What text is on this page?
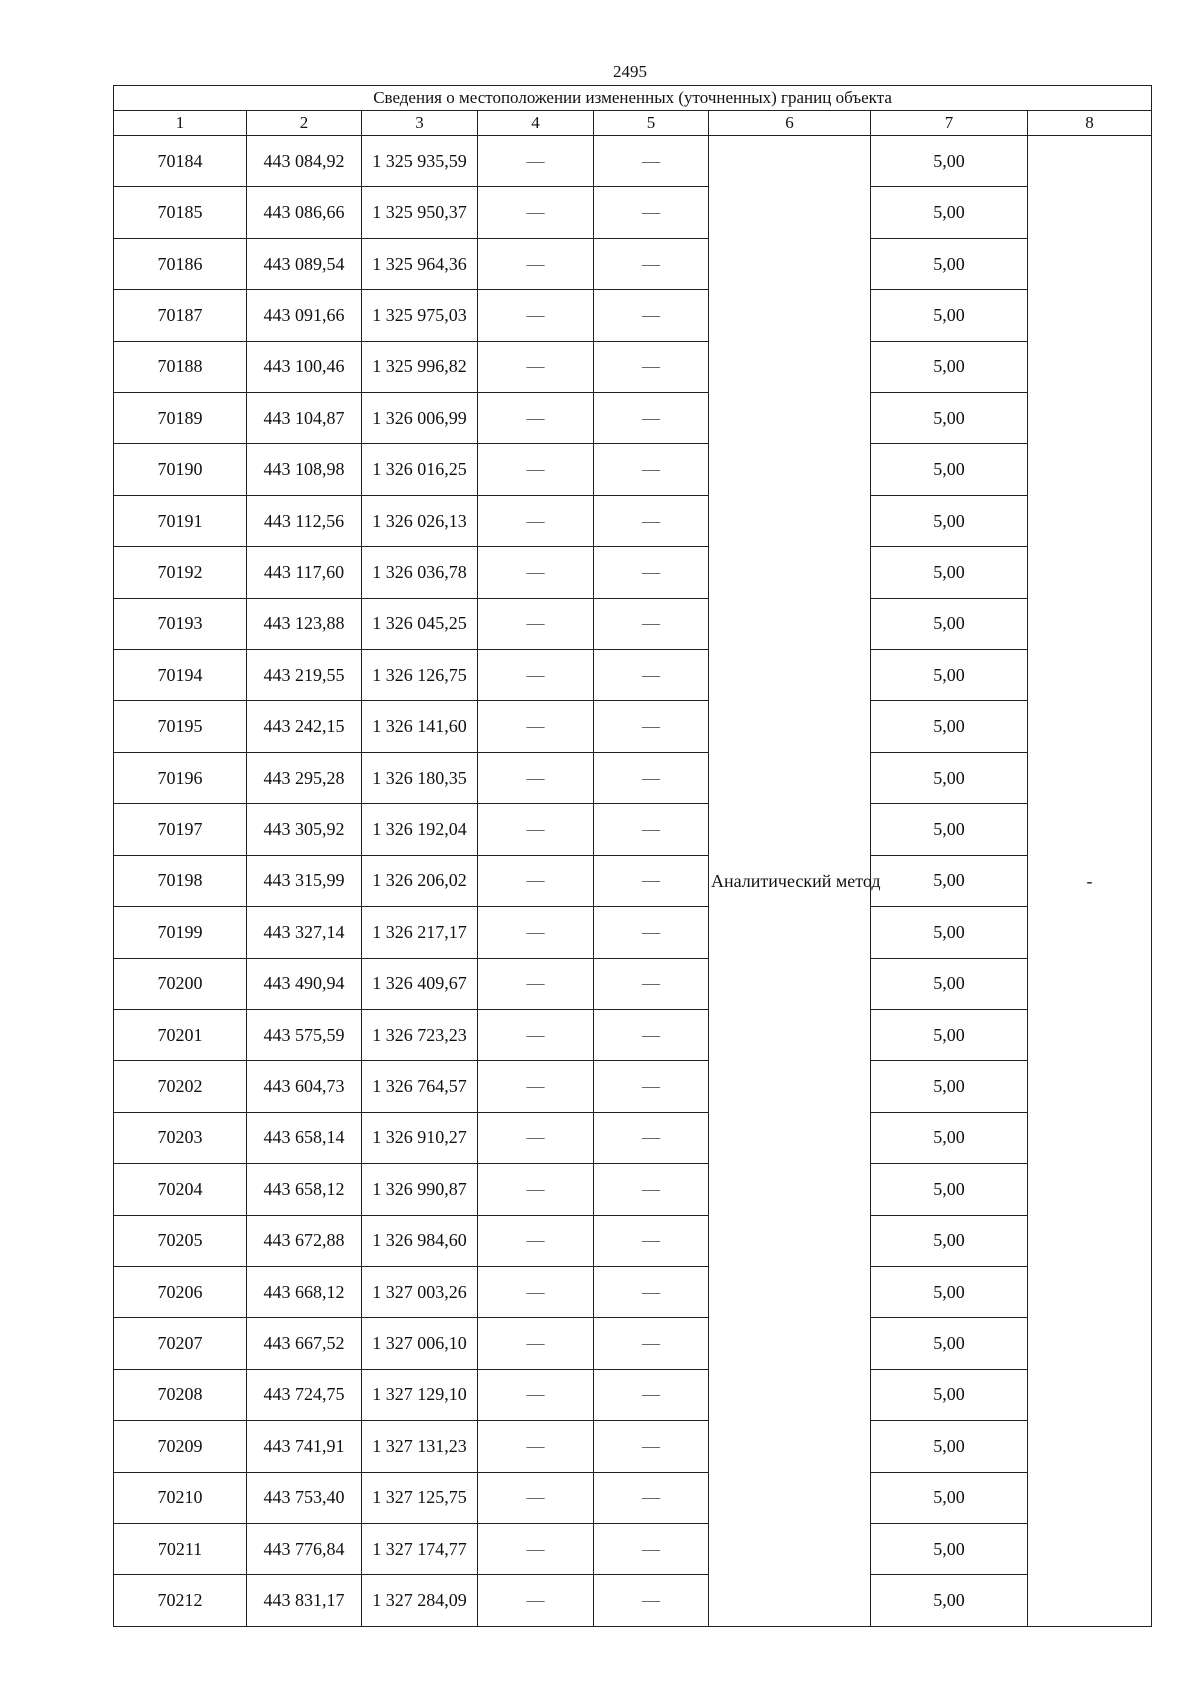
2495
Сведения о местоположении измененных (уточненных) границ объекта							
1	2	3	4	5	6	7	8
70184	443 084,92	1 325 935,59	—	—	Аналитический метод	5,00	-
70185	443 086,66	1 325 950,37	—	—		5,00	
70186	443 089,54	1 325 964,36	—	—		5,00	
70187	443 091,66	1 325 975,03	—	—		5,00	
70188	443 100,46	1 325 996,82	—	—		5,00	
70189	443 104,87	1 326 006,99	—	—		5,00	
70190	443 108,98	1 326 016,25	—	—		5,00	
70191	443 112,56	1 326 026,13	—	—		5,00	
70192	443 117,60	1 326 036,78	—	—		5,00	
70193	443 123,88	1 326 045,25	—	—		5,00	
70194	443 219,55	1 326 126,75	—	—		5,00	
70195	443 242,15	1 326 141,60	—	—		5,00	
70196	443 295,28	1 326 180,35	—	—		5,00	
70197	443 305,92	1 326 192,04	—	—		5,00	
70198	443 315,99	1 326 206,02	—	—		5,00	
70199	443 327,14	1 326 217,17	—	—		5,00	
70200	443 490,94	1 326 409,67	—	—		5,00	
70201	443 575,59	1 326 723,23	—	—		5,00	
70202	443 604,73	1 326 764,57	—	—		5,00	
70203	443 658,14	1 326 910,27	—	—		5,00	
70204	443 658,12	1 326 990,87	—	—		5,00	
70205	443 672,88	1 326 984,60	—	—		5,00	
70206	443 668,12	1 327 003,26	—	—		5,00	
70207	443 667,52	1 327 006,10	—	—		5,00	
70208	443 724,75	1 327 129,10	—	—		5,00	
70209	443 741,91	1 327 131,23	—	—		5,00	
70210	443 753,40	1 327 125,75	—	—		5,00	
70211	443 776,84	1 327 174,77	—	—		5,00	
70212	443 831,17	1 327 284,09	—	—		5,00	
